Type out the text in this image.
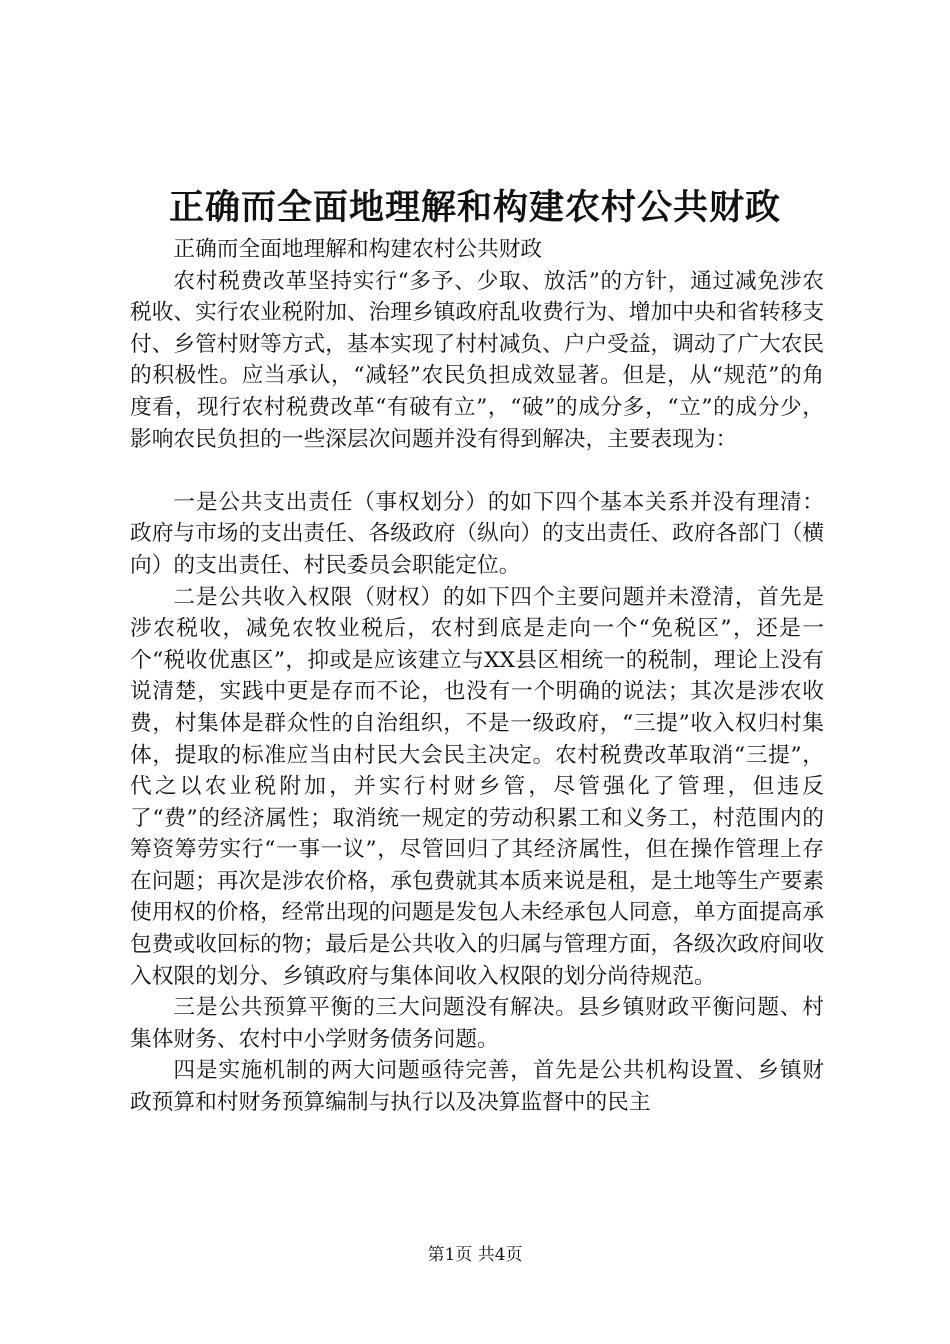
正确而全面地理解和构建农村公共财政

正确而全面地理解和构建农村公共财政

农村税费改革坚持实行“多予、少取、放活”的方针，通过减免涉农税收、实行农业税附加、治理乡镇政府乱收费行为、增加中央和省转移支付、乡管村财等方式，基本实现了村村减负、户户受益，调动了广大农民的积极性。应当承认，“减轻”农民负担成效显著。但是，从“规范”的角度看，现行农村税费改革“有破有立”，“破”的成分多，“立”的成分少，影响农民负担的一些深层次问题并没有得到解决，主要表现为：

一是公共支出责任（事权划分）的如下四个基本关系并没有理清：政府与市场的支出责任、各级政府（纵向）的支出责任、政府各部门（横向）的支出责任、村民委员会职能定位。

二是公共收入权限（财权）的如下四个主要问题并未澄清，首先是涉农税收，减免农牧业税后，农村到底是走向一个“免税区”，还是一个“税收优惠区”，抑或是应该建立与XX县区相统一的税制，理论上没有说清楚，实践中更是存而不论，也没有一个明确的说法；其次是涉农收费，村集体是群众性的自治组织，不是一级政府，“三提”收入权归村集体，提取的标准应当由村民大会民主决定。农村税费改革取消“三提”，代之以农业税附加，并实行村财乡管，尽管强化了管理，但违反了“费”的经济属性；取消统一规定的劳动积累工和义务工，村范围内的筹资筹劳实行“一事一议”，尽管回归了其经济属性，但在操作管理上存在问题；再次是涉农价格，承包费就其本质来说是租，是土地等生产要素使用权的价格，经常出现的问题是发包人未经承包人同意，单方面提高承包费或收回标的物；最后是公共收入的归属与管理方面，各级次政府间收入权限的划分、乡镇政府与集体间收入权限的划分尚待规范。

三是公共预算平衡的三大问题没有解决。县乡镇财政平衡问题、村集体财务、农村中小学财务债务问题。

四是实施机制的两大问题亟待完善，首先是公共机构设置、乡镇财政预算和村财务预算编制与执行以及决算监督中的民主

第1页 共4页
